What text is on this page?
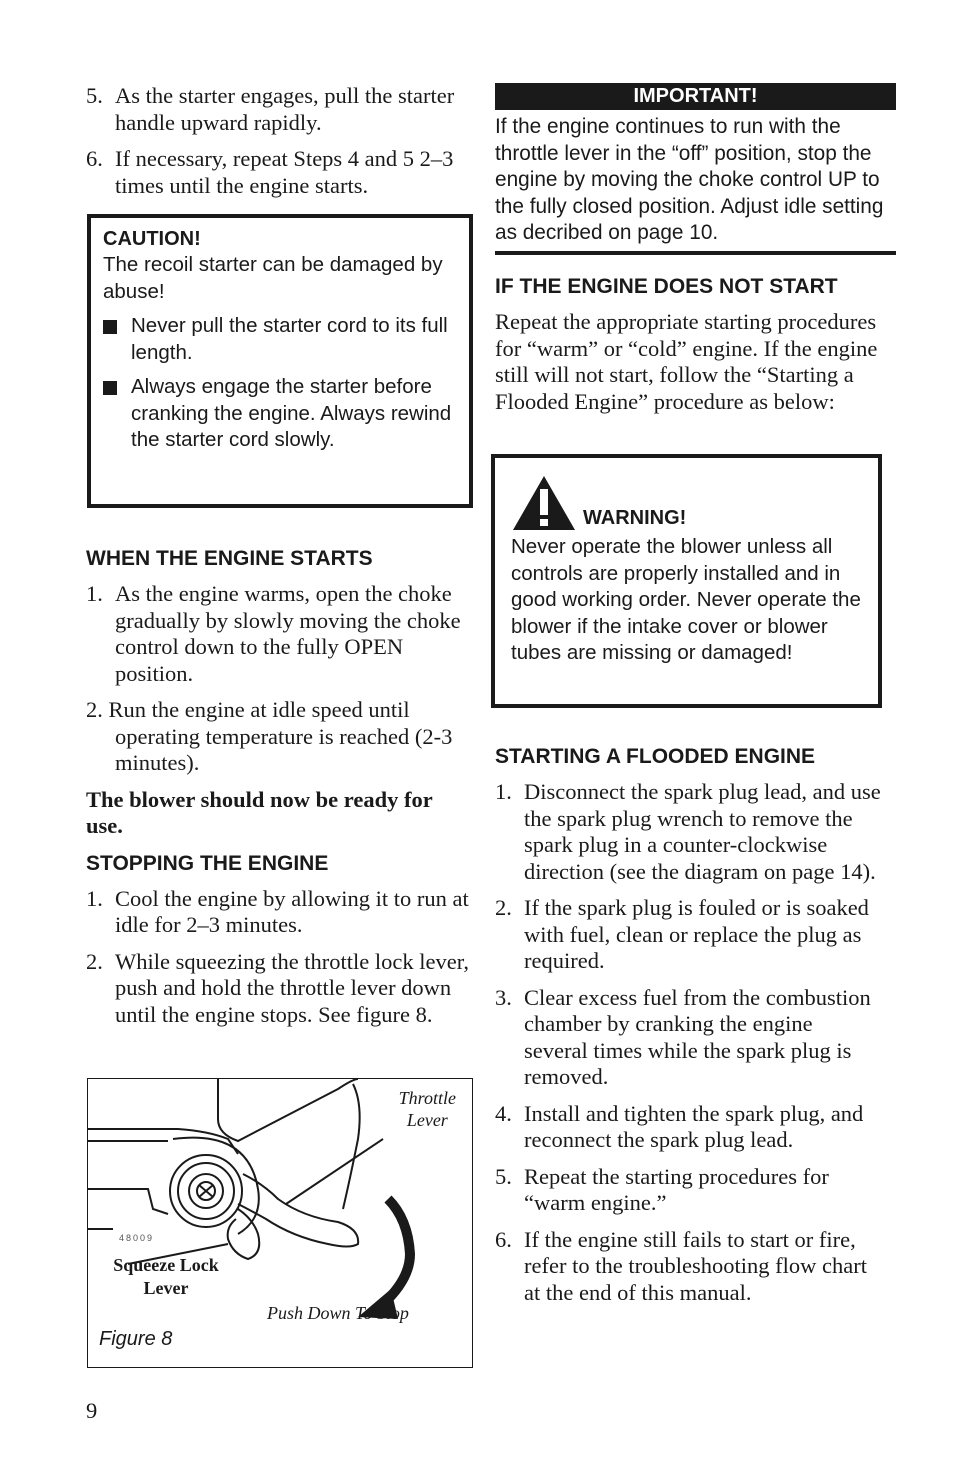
5. As the starter engages, pull the starter handle upward rapidly.
6. If necessary, repeat Steps 4 and 5 2–3 times until the engine starts.
CAUTION!
The recoil starter can be damaged by abuse!
Never pull the starter cord to its full length.
Always engage the starter before cranking the engine. Always rewind the starter cord slowly.
WHEN THE ENGINE STARTS
1. As the engine warms, open the choke gradually by slowly moving the choke control down to the fully OPEN position.
2. Run the engine at idle speed until operating temperature is reached (2-3 minutes).
The blower should now be ready for use.
STOPPING THE ENGINE
1. Cool the engine by allowing it to run at idle for 2–3 minutes.
2. While squeezing the throttle lock lever, push and hold the throttle lever down until the engine stops. See figure 8.
48009
Throttle
Lever
Squeeze Lock
Lever
Push Down To Stop
Figure 8
9
IMPORTANT!
If the engine continues to run with the throttle lever in the “off” position, stop the engine by moving the choke control UP to the fully closed position. Adjust idle setting as decribed on page 10.
IF THE ENGINE DOES NOT START
Repeat the appropriate starting procedures for “warm” or “cold” engine. If the engine still will not start, follow the “Starting a Flooded Engine” procedure as below:
WARNING!
Never operate the blower unless all controls are properly installed and in good working order. Never operate the blower if the intake cover or blower tubes are missing or damaged!
STARTING A FLOODED ENGINE
1. Disconnect the spark plug lead, and use the spark plug wrench to remove the spark plug in a counter-clockwise direction (see the diagram on page 14).
2. If the spark plug is fouled or is soaked with fuel, clean or replace the plug as required.
3. Clear excess fuel from the combustion chamber by cranking the engine several times while the spark plug is removed.
4. Install and tighten the spark plug, and reconnect the spark plug lead.
5. Repeat the starting procedures for “warm engine.”
6. If the engine still fails to start or fire, refer to the troubleshooting flow chart at the end of this manual.
